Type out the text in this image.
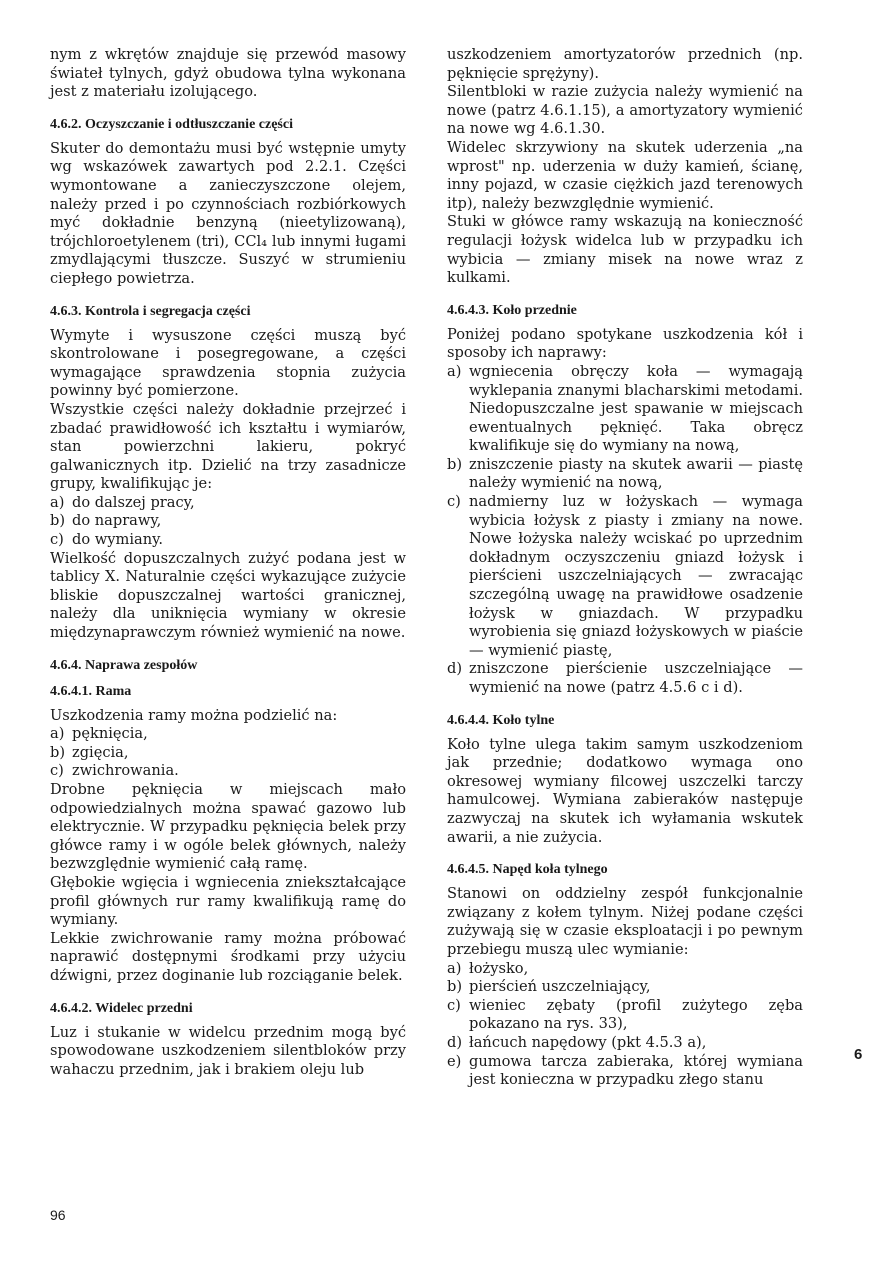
nym z wkrętów znajduje się przewód masowy świateł tylnych, gdyż obudowa tylna wykonana jest z materiału izolującego.

4.6.2. Oczyszczanie i odtłuszczanie części

Skuter do demontażu musi być wstępnie umyty wg wskazówek zawartych pod 2.2.1. Części wymontowane a zanieczyszczone olejem, należy przed i po czynnościach rozbiórkowych myć dokładnie benzyną (nieetylizowaną), trójchloroetylenem (tri), CCl₄ lub innymi ługami zmydlającymi tłuszcze. Suszyć w strumieniu ciepłego powietrza.

4.6.3. Kontrola i segregacja części

Wymyte i wysuszone części muszą być skontrolowane i posegregowane, a części wymagające sprawdzenia stopnia zużycia powinny być pomierzone.

Wszystkie części należy dokładnie przejrzeć i zbadać prawidłowość ich kształtu i wymiarów, stan powierzchni lakieru, pokryć galwanicznych itp. Dzielić na trzy zasadnicze grupy, kwalifikując je:

a) do dalszej pracy,
b) do naprawy,
c) do wymiany.

Wielkość dopuszczalnych zużyć podana jest w tablicy X. Naturalnie części wykazujące zużycie bliskie dopuszczalnej wartości granicznej, należy dla uniknięcia wymiany w okresie międzynaprawczym również wymienić na nowe.

4.6.4. Naprawa zespołów
4.6.4.1. Rama

Uszkodzenia ramy można podzielić na:

a) pęknięcia,
b) zgięcia,
c) zwichrowania.

Drobne pęknięcia w miejscach mało odpowiedzialnych można spawać gazowo lub elektrycznie. W przypadku pęknięcia belek przy główce ramy i w ogóle belek głównych, należy bezwzględnie wymienić całą ramę.

Głębokie wgięcia i wgniecenia zniekształcające profil głównych rur ramy kwalifikują ramę do wymiany.

Lekkie zwichrowanie ramy można próbować naprawić dostępnymi środkami przy użyciu dźwigni, przez doginanie lub rozciąganie belek.

4.6.4.2. Widelec przedni

Luz i stukanie w widelcu przednim mogą być spowodowane uszkodzeniem silentbloków przy wahaczu przednim, jak i brakiem oleju lub

uszkodzeniem amortyzatorów przednich (np. pęknięcie sprężyny).

Silentbloki w razie zużycia należy wymienić na nowe (patrz 4.6.1.15), a amortyzatory wymienić na nowe wg 4.6.1.30.

Widelec skrzywiony na skutek uderzenia „na wprost" np. uderzenia w duży kamień, ścianę, inny pojazd, w czasie ciężkich jazd terenowych itp), należy bezwzględnie wymienić.

Stuki w główce ramy wskazują na konieczność regulacji łożysk widelca lub w przypadku ich wybicia — zmiany misek na nowe wraz z kulkami.

4.6.4.3. Koło przednie

Poniżej podano spotykane uszkodzenia kół i sposoby ich naprawy:

a) wgniecenia obręczy koła — wymagają wyklepania znanymi blacharskimi metodami. Niedopuszczalne jest spawanie w miejscach ewentualnych pęknięć. Taka obręcz kwalifikuje się do wymiany na nową,
b) zniszczenie piasty na skutek awarii — piastę należy wymienić na nową,
c) nadmierny luz w łożyskach — wymaga wybicia łożysk z piasty i zmiany na nowe. Nowe łożyska należy wciskać po uprzednim dokładnym oczyszczeniu gniazd łożysk i pierścieni uszczelniających — zwracając szczególną uwagę na prawidłowe osadzenie łożysk w gniazdach. W przypadku wyrobienia się gniazd łożyskowych w piaście — wymienić piastę,
d) zniszczone pierścienie uszczelniające — wymienić na nowe (patrz 4.5.6 c i d).
4.6.4.4. Koło tylne

Koło tylne ulega takim samym uszkodzeniom jak przednie; dodatkowo wymaga ono okresowej wymiany filcowej uszczelki tarczy hamulcowej. Wymiana zabieraków następuje zazwyczaj na skutek ich wyłamania wskutek awarii, a nie zużycia.

4.6.4.5. Napęd koła tylnego

Stanowi on oddzielny zespół funkcjonalnie związany z kołem tylnym. Niżej podane części zużywają się w czasie eksploatacji i po pewnym przebiegu muszą ulec wymianie:

a) łożysko,
b) pierścień uszczelniający,
c) wieniec zębaty (profil zużytego zęba pokazano na rys. 33),
d) łańcuch napędowy (pkt 4.5.3 a),
e) gumowa tarcza zabieraka, której wymiana jest konieczna w przypadku złego stanu
6
96
